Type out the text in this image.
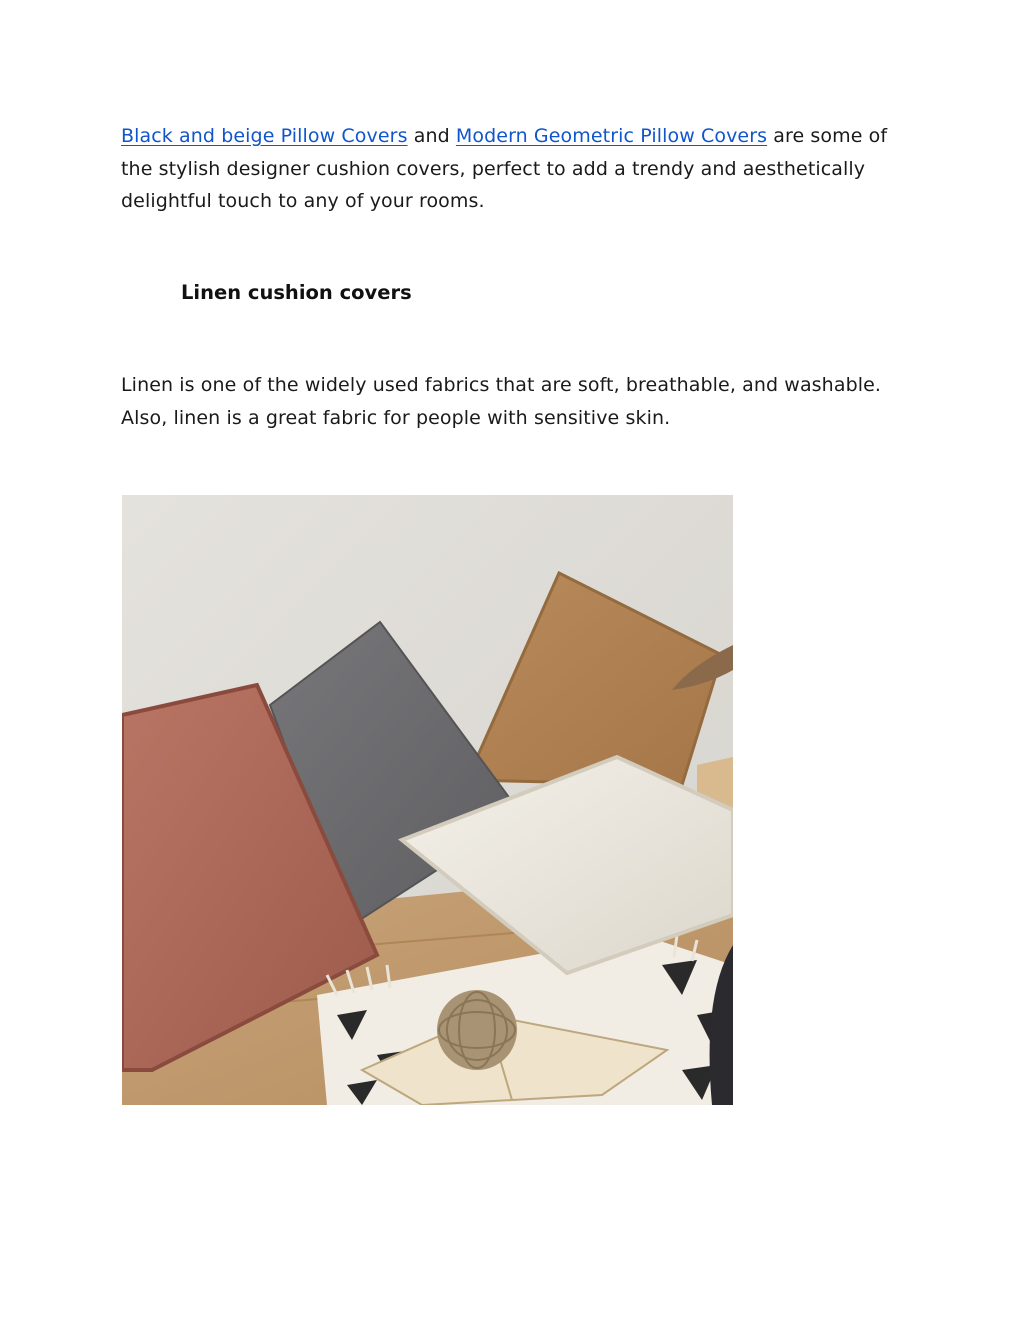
Black and beige Pillow Covers and Modern Geometric Pillow Covers are some of the stylish designer cushion covers, perfect to add a trendy and aesthetically delightful touch to any of your rooms.

Linen cushion covers

Linen is one of the widely used fabrics that are soft, breathable, and washable. Also, linen is a great fabric for people with sensitive skin.
